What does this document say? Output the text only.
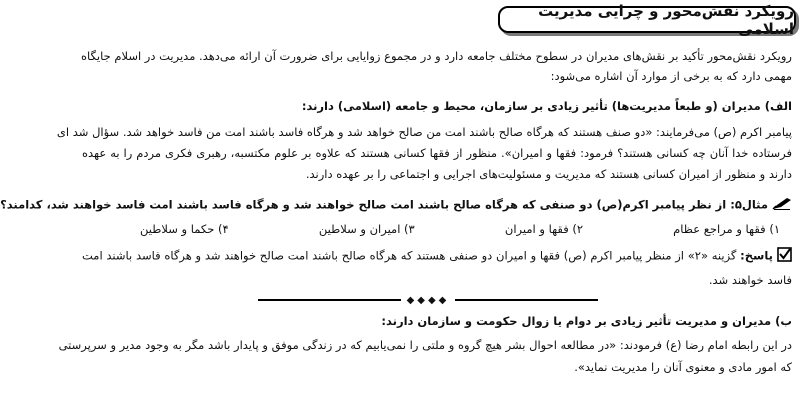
رویکرد نقش‌محور و چرایی مدیریت اسلامی
رویکرد نقش‌محور تأکید بر نقش‌های مدیران در سطوح مختلف جامعه دارد و در مجموع زوایایی برای ضرورت آن ارائه می‌دهد. مدیریت در اسلام جایگاه
مهمی دارد که به برخی از موارد آن اشاره می‌شود:
الف) مدیران (و طبعاً مدیریت‌ها) تأثیر زیادی بر سازمان، محیط و جامعه (اسلامی) دارند:
پیامبر اکرم (ص) می‌فرمایند: «دو صنف هستند که هرگاه صالح باشند امت من صالح خواهد شد و هرگاه فاسد باشند امت من فاسد خواهد شد. سؤال شد ای
فرستاده خدا آنان چه کسانی هستند؟ فرمود: فقها و امیران». منظور از فقها کسانی هستند که علاوه بر علوم مکتسبه، رهبری فکری مردم را به عهده
دارند و منظور از امیران کسانی هستند که مدیریت و مسئولیت‌های اجرایی و اجتماعی را بر عهده دارند.
مثال۵: از نظر پیامبر اکرم(ص) دو صنفی که هرگاه صالح باشند امت صالح خواهند شد و هرگاه فاسد باشند امت فاسد خواهند شد، کدامند؟
۱) فقها و مراجع عظام
۲) فقها و امیران
۳) امیران و سلاطین
۴) حکما و سلاطین
پاسخ: گزینه «۲» از منظر پیامبر اکرم (ص) فقها و امیران دو صنفی هستند که هرگاه صالح باشند امت صالح خواهند شد و هرگاه فاسد باشند امت
فاسد خواهند شد.
◆◆◆◆
ب) مدیران و مدیریت تأثیر زیادی بر دوام یا زوال حکومت و سازمان دارند:
در این رابطه امام رضا (ع) فرمودند: «در مطالعه احوال بشر هیچ گروه و ملتی را نمی‌یابیم که در زندگی موفق و پایدار باشد مگر به وجود مدیر و سرپرستی
که امور مادی و معنوی آنان را مدیریت نماید».
